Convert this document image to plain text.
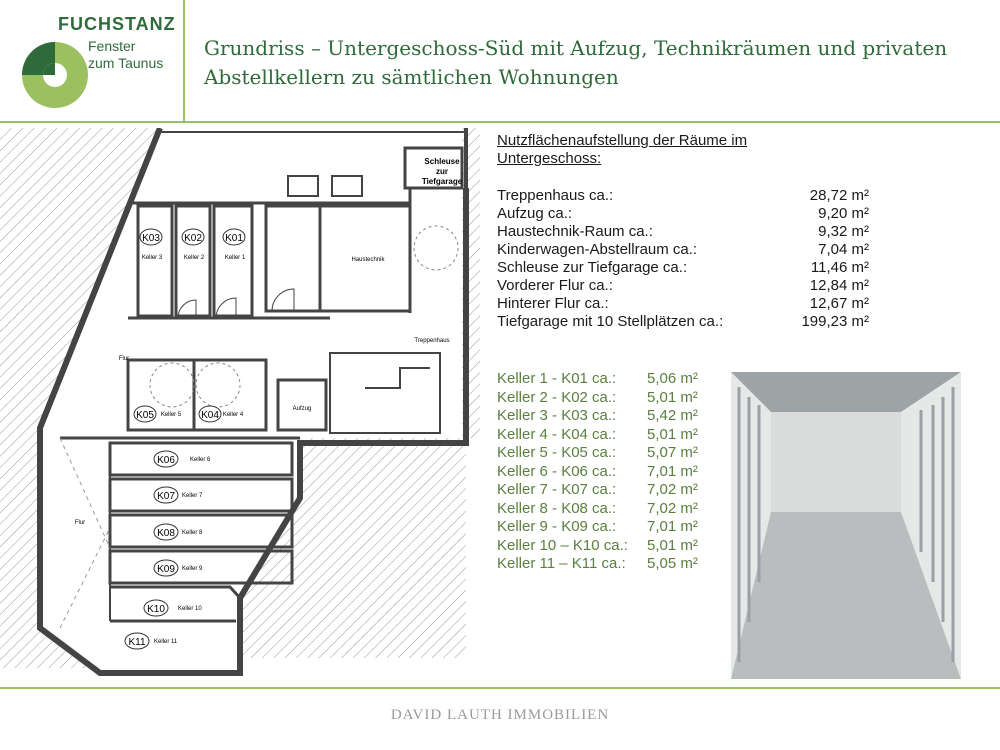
FUCHSTANZ
Fenster
zum Taunus
Grundriss – Untergeschoss-Süd mit Aufzug, Technikräumen und privaten
Abstellkellern zu sämtlichen Wohnungen
Schleuse
zur
Tiefgarage
Haustechnik
K03
Keller 3
K02
Keller 2
K01
Keller 1
Treppenhaus
Aufzug
K05 Keller 5 K04 Keller 4
Flur
Flur
K06	Keller 6
K07 Keller 7
K08 Keller 8
K09 Keller 9
K10 Keller 10
K11 Keller 11
Nutzflächenaufstellung der Räume im
Untergeschoss:
Treppenhaus ca.:	28,72 m²
Aufzug ca.:	9,20 m²
Haustechnik-Raum ca.:	9,32 m²
Kinderwagen-Abstellraum ca.:	7,04 m²
Schleuse zur Tiefgarage ca.:	11,46 m²
Vorderer Flur ca.:	12,84 m²
Hinterer Flur ca.:	12,67 m²
Tiefgarage mit 10 Stellplätzen ca.:	199,23 m²
Keller 1 - K01 ca.:	5,06 m²
Keller 2 - K02 ca.:	5,01 m²
Keller 3 - K03 ca.:	5,42 m²
Keller 4 - K04 ca.:	5,01 m²
Keller 5 - K05 ca.:	5,07 m²
Keller 6 - K06 ca.:	7,01 m²
Keller 7 - K07 ca.:	7,02 m²
Keller 8 - K08 ca.:	7,02 m²
Keller 9 - K09 ca.:	7,01 m²
Keller 10 – K10 ca.:	5,01 m²
Keller 11 – K11 ca.:	5,05 m²
DAVID LAUTH IMMOBILIEN
